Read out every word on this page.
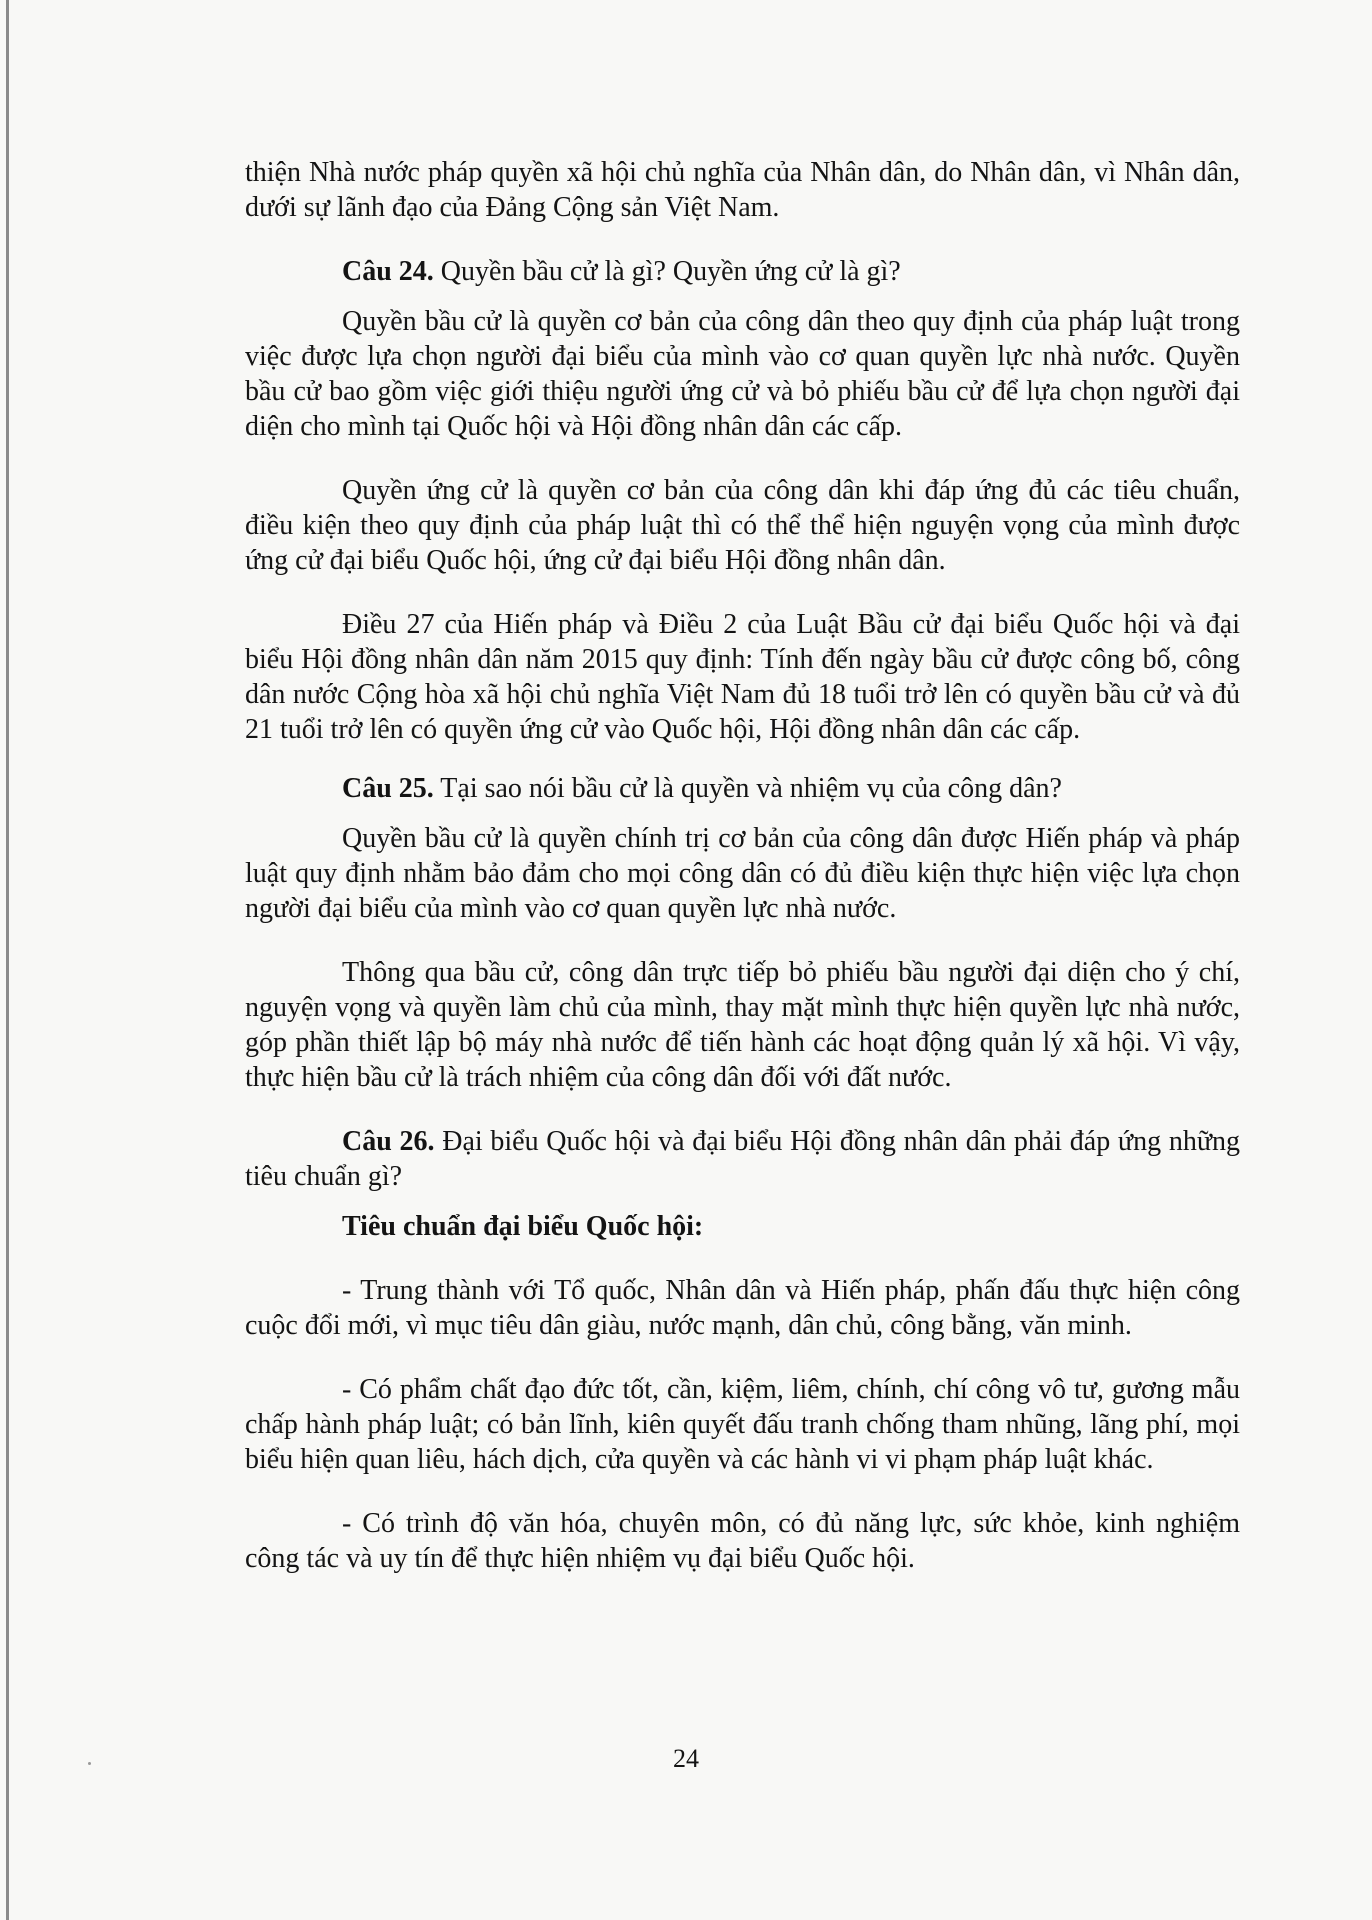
thiện Nhà nước pháp quyền xã hội chủ nghĩa của Nhân dân, do Nhân dân, vì Nhân dân, dưới sự lãnh đạo của Đảng Cộng sản Việt Nam.

Câu 24. Quyền bầu cử là gì? Quyền ứng cử là gì?

Quyền bầu cử là quyền cơ bản của công dân theo quy định của pháp luật trong việc được lựa chọn người đại biểu của mình vào cơ quan quyền lực nhà nước. Quyền bầu cử bao gồm việc giới thiệu người ứng cử và bỏ phiếu bầu cử để lựa chọn người đại diện cho mình tại Quốc hội và Hội đồng nhân dân các cấp.

Quyền ứng cử là quyền cơ bản của công dân khi đáp ứng đủ các tiêu chuẩn, điều kiện theo quy định của pháp luật thì có thể thể hiện nguyện vọng của mình được ứng cử đại biểu Quốc hội, ứng cử đại biểu Hội đồng nhân dân.

Điều 27 của Hiến pháp và Điều 2 của Luật Bầu cử đại biểu Quốc hội và đại biểu Hội đồng nhân dân năm 2015 quy định: Tính đến ngày bầu cử được công bố, công dân nước Cộng hòa xã hội chủ nghĩa Việt Nam đủ 18 tuổi trở lên có quyền bầu cử và đủ 21 tuổi trở lên có quyền ứng cử vào Quốc hội, Hội đồng nhân dân các cấp.

Câu 25. Tại sao nói bầu cử là quyền và nhiệm vụ của công dân?

Quyền bầu cử là quyền chính trị cơ bản của công dân được Hiến pháp và pháp luật quy định nhằm bảo đảm cho mọi công dân có đủ điều kiện thực hiện việc lựa chọn người đại biểu của mình vào cơ quan quyền lực nhà nước.

Thông qua bầu cử, công dân trực tiếp bỏ phiếu bầu người đại diện cho ý chí, nguyện vọng và quyền làm chủ của mình, thay mặt mình thực hiện quyền lực nhà nước, góp phần thiết lập bộ máy nhà nước để tiến hành các hoạt động quản lý xã hội. Vì vậy, thực hiện bầu cử là trách nhiệm của công dân đối với đất nước.

Câu 26. Đại biểu Quốc hội và đại biểu Hội đồng nhân dân phải đáp ứng những tiêu chuẩn gì?

Tiêu chuẩn đại biểu Quốc hội:

- Trung thành với Tổ quốc, Nhân dân và Hiến pháp, phấn đấu thực hiện công cuộc đổi mới, vì mục tiêu dân giàu, nước mạnh, dân chủ, công bằng, văn minh.

- Có phẩm chất đạo đức tốt, cần, kiệm, liêm, chính, chí công vô tư, gương mẫu chấp hành pháp luật; có bản lĩnh, kiên quyết đấu tranh chống tham nhũng, lãng phí, mọi biểu hiện quan liêu, hách dịch, cửa quyền và các hành vi vi phạm pháp luật khác.

- Có trình độ văn hóa, chuyên môn, có đủ năng lực, sức khỏe, kinh nghiệm công tác và uy tín để thực hiện nhiệm vụ đại biểu Quốc hội.

24
